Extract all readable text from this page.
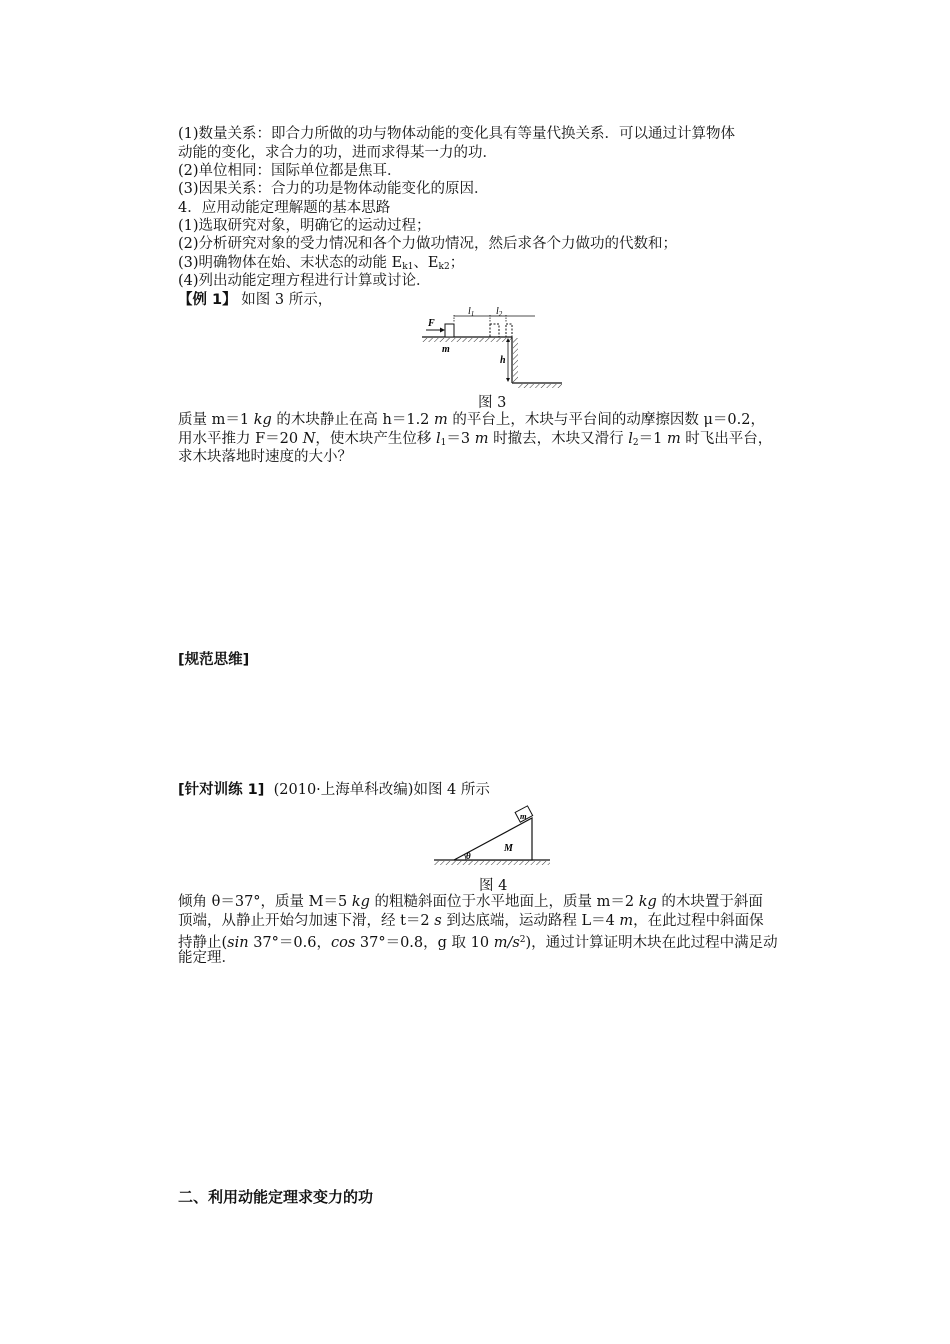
(1)数量关系：即合力所做的功与物体动能的变化具有等量代换关系．可以通过计算物体
动能的变化，求合力的功，进而求得某一力的功．
(2)单位相同：国际单位都是焦耳．
(3)因果关系：合力的功是物体动能变化的原因．
4．应用动能定理解题的基本思路
(1)选取研究对象，明确它的运动过程；
(2)分析研究对象的受力情况和各个力做功情况，然后求各个力做功的代数和；
(3)明确物体在始、末状态的动能 $E_{k1}$、$E_{k2}$；
(4)列出动能定理方程进行计算或讨论．
【例 1】 如图 3 所示，
F
m
$l_1$ $l_2$
h
图 3
质量 m＝1 kg 的木块静止在高 h＝1.2 m 的平台上，木块与平台间的动摩擦因数 μ＝0.2，
用水平推力 F＝20 N，使木块产生位移 $l_1=3$ m 时撤去，木块又滑行 $l_2=1$ m 时飞出平台，
求木块落地时速度的大小？
[规范思维]
[针对训练 1] (2010·上海单科改编)如图 4 所示
θ
m
M
图 4
倾角 θ＝37°，质量 M＝5 kg 的粗糙斜面位于水平地面上，质量 m＝2 kg 的木块置于斜面
顶端，从静止开始匀加速下滑，经 t＝2 s 到达底端，运动路程 L＝4 m，在此过程中斜面保
持静止(sin 37°＝0.6，cos 37°＝0.8，g 取 10 $m/s^2$)，通过计算证明木块在此过程中满足动
能定理．
二、利用动能定理求变力的功
